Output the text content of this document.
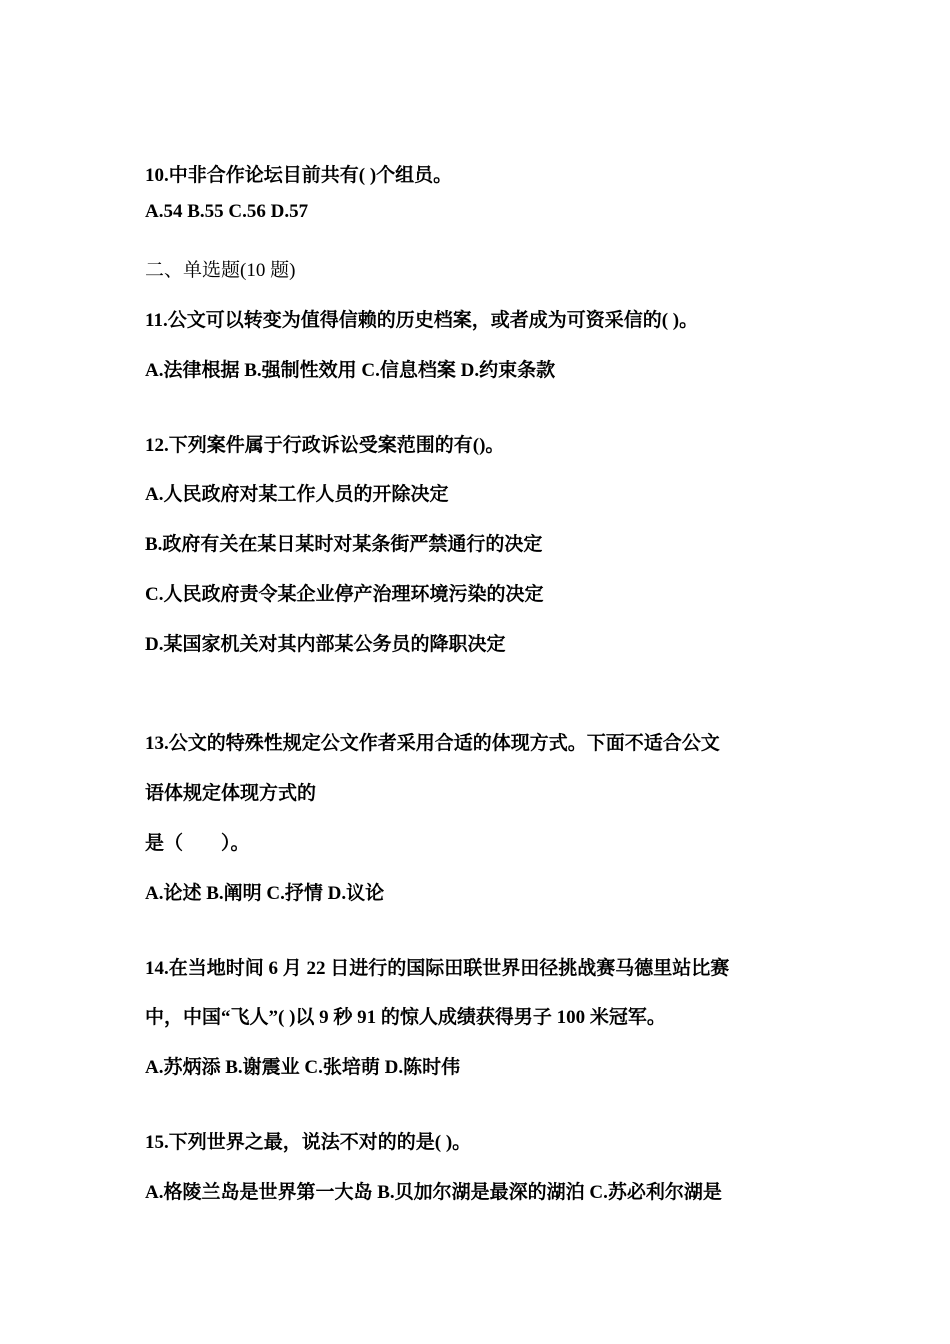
10.中非合作论坛目前共有( )个组员。
A.54 B.55 C.56 D.57
二、单选题(10 题)
11.公文可以转变为值得信赖的历史档案，或者成为可资采信的( )。
A.法律根据 B.强制性效用 C.信息档案 D.约束条款
12.下列案件属于行政诉讼受案范围的有()。
A.人民政府对某工作人员的开除决定
B.政府有关在某日某时对某条街严禁通行的决定
C.人民政府责令某企业停产治理环境污染的决定
D.某国家机关对其内部某公务员的降职决定
13.公文的特殊性规定公文作者采用合适的体现方式。下面不适合公文
语体规定体现方式的
是（　　）。
A.论述 B.阐明 C.抒情 D.议论
14.在当地时间 6 月 22 日进行的国际田联世界田径挑战赛马德里站比赛
中，中国“飞人”( )以 9 秒 91 的惊人成绩获得男子 100 米冠军。
A.苏炳添 B.谢震业 C.张培萌 D.陈时伟
15.下列世界之最，说法不对的的是( )。
A.格陵兰岛是世界第一大岛 B.贝加尔湖是最深的湖泊 C.苏必利尔湖是
